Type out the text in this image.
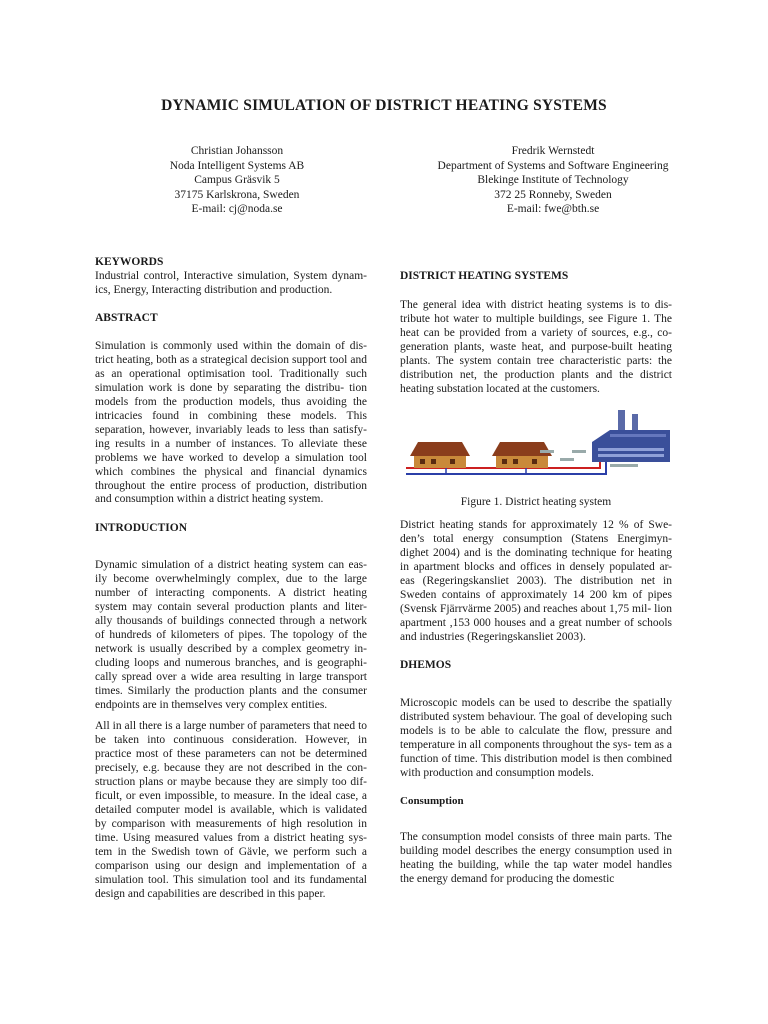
DYNAMIC SIMULATION OF DISTRICT HEATING SYSTEMS
Christian Johansson
Noda Intelligent Systems AB
Campus Gräsvik 5
37175 Karlskrona, Sweden
E-mail: cj@noda.se
Fredrik Wernstedt
Department of Systems and Software Engineering
Blekinge Institute of Technology
372 25 Ronneby, Sweden
E-mail: fwe@bth.se
KEYWORDS

Industrial control, Interactive simulation, System dynam- ics, Energy, Interacting distribution and production.

ABSTRACT

Simulation is commonly used within the domain of dis- trict heating, both as a strategical decision support tool and as an operational optimisation tool. Traditionally such simulation work is done by separating the distribu- tion models from the production models, thus avoiding the intricacies found in combining these models. This separation, however, invariably leads to less than satisfy- ing results in a number of instances. To alleviate these problems we have worked to develop a simulation tool which combines the physical and financial dynamics throughout the entire process of production, distribution and consumption within a district heating system.

INTRODUCTION

Dynamic simulation of a district heating system can eas- ily become overwhelmingly complex, due to the large number of interacting components. A district heating system may contain several production plants and liter- ally thousands of buildings connected through a network of hundreds of kilometers of pipes. The topology of the network is usually described by a complex geometry in- cluding loops and numerous branches, and is geographi- cally spread over a wide area resulting in large transport times. Similarly the production plants and the consumer endpoints are in themselves very complex entities.

All in all there is a large number of parameters that need to be taken into continuous consideration. However, in practice most of these parameters can not be determined precisely, e.g. because they are not described in the con- struction plans or maybe because they are simply too dif- ficult, or even impossible, to measure. In the ideal case, a detailed computer model is available, which is validated by comparison with measurements of high resolution in time. Using measured values from a district heating sys- tem in the Swedish town of Gävle, we perform such a comparison using our design and implementation of a simulation tool. This simulation tool and its fundamental design and capabilities are described in this paper.

DISTRICT HEATING SYSTEMS

The general idea with district heating systems is to dis- tribute hot water to multiple buildings, see Figure 1. The heat can be provided from a variety of sources, e.g., co- generation plants, waste heat, and purpose-built heating plants. The system contain tree characteristic parts: the distribution net, the production plants and the district heating substation located at the customers.

Figure 1. District heating system

District heating stands for approximately 12 % of Swe- den’s total energy consumption (Statens Energimyn- dighet 2004) and is the dominating technique for heating in apartment blocks and offices in densely populated ar- eas (Regeringskansliet 2003). The distribution net in Sweden contains of approximately 14 200 km of pipes (Svensk Fjärrvärme 2005) and reaches about 1,75 mil- lion apartment ,153 000 houses and a great number of schools and industries (Regeringskansliet 2003).

DHEMOS

Microscopic models can be used to describe the spatially distributed system behaviour. The goal of developing such models is to be able to calculate the flow, pressure and temperature in all components throughout the sys- tem as a function of time. This distribution model is then combined with production and consumption models.

Consumption

The consumption model consists of three main parts. The building model describes the energy consumption used in heating the building, while the tap water model handles the energy demand for producing the domestic
